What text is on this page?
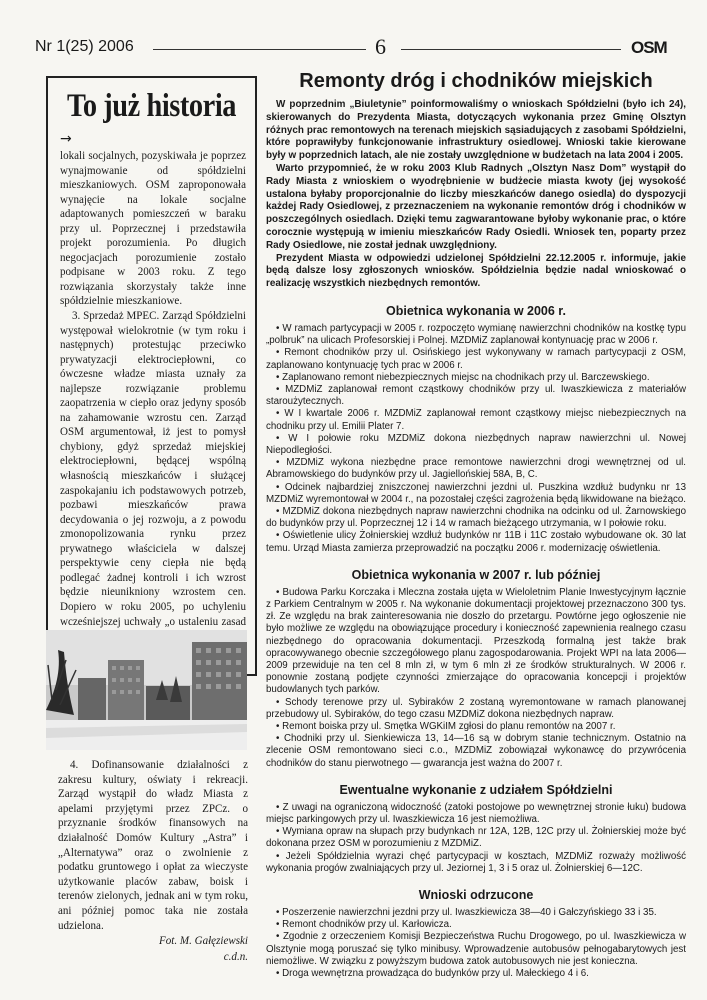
Nr 1(25) 2006	6	OSM
To już historia
→

lokali socjalnych, pozyskiwała je poprzez wynajmowanie od spółdzielni mieszkaniowych. OSM zaproponowała wynajęcie na lokale socjalne adaptowanych pomieszczeń w baraku przy ul. Poprzecznej i przedstawiła projekt porozumienia. Po długich negocjacjach porozumienie zostało podpisane w 2003 roku. Z tego rozwiązania skorzystały także inne spółdzielnie mieszkaniowe.

3. Sprzedaż MPEC. Zarząd Spółdzielni występował wielokrotnie (w tym roku i następnych) protestując przeciwko prywatyzacji elektrociepłowni, co ówczesne władze miasta uznały za najlepsze rozwiązanie problemu zaopatrzenia w ciepło oraz jedyny sposób na zahamowanie wzrostu cen. Zarząd OSM argumentował, iż jest to pomysł chybiony, gdyż sprzedaż miejskiej elektrociepłowni, będącej wspólną własnością mieszkańców i służącej zaspokajaniu ich podstawowych potrzeb, pozbawi mieszkańców prawa decydowania o jej rozwoju, a z powodu zmonopolizowania rynku przez prywatnego właściciela w dalszej perspektywie ceny ciepła nie będą podlegać żadnej kontroli i ich wzrost będzie nieunikniony wzrostem cen. Dopiero w roku 2005, po uchyleniu wcześniejszej uchwały „o ustaleniu zasad

4. Dofinansowanie działalności z zakresu kultury, oświaty i rekreacji. Zarząd wystąpił do władz Miasta z apelami przyjętymi przez ZPCz. o przyznanie środków finansowych na działalność Domów Kultury „Astra” i „Alternatywa” oraz o zwolnienie z podatku gruntowego i opłat za wieczyste użytkowanie placów zabaw, boisk i terenów zielonych, jednak ani w tym roku, ani później pomoc taka nie została udzielona.

Fot. M. Gałęziewski
c.d.n.
Remonty dróg i chodników miejskich

W poprzednim „Biuletynie” poinformowaliśmy o wnioskach Spółdzielni (było ich 24), skierowanych do Prezydenta Miasta, dotyczących wykonania przez Gminę Olsztyn różnych prac remontowych na terenach miejskich sąsiadujących z zasobami Spółdzielni, które poprawiłyby funkcjonowanie infrastruktury osiedlowej. Wnioski takie kierowane były w poprzednich latach, ale nie zostały uwzględnione w budżetach na lata 2004 i 2005.

Warto przypomnieć, że w roku 2003 Klub Radnych „Olsztyn Nasz Dom” wystąpił do Rady Miasta z wnioskiem o wyodrębnienie w budżecie miasta kwoty (jej wysokość ustalona byłaby proporcjonalnie do liczby mieszkańców danego osiedla) do dyspozycji każdej Rady Osiedlowej, z przeznaczeniem na wykonanie remontów dróg i chodników w poszczególnych osiedlach. Dzięki temu zagwarantowane byłoby wykonanie prac, o które corocznie występują w imieniu mieszkańców Rady Osiedli. Wniosek ten, poparty przez Rady Osiedlowe, nie został jednak uwzględniony.

Prezydent Miasta w odpowiedzi udzielonej Spółdzielni 22.12.2005 r. informuje, jakie będą dalsze losy zgłoszonych wniosków. Spółdzielnia będzie nadal wnioskować o realizację wszystkich niezbędnych remontów.

Obietnica wykonania w 2006 r.

• W ramach partycypacji w 2005 r. rozpoczęto wymianę nawierzchni chodników na kostkę typu „polbruk” na ulicach Profesorskiej i Polnej. MZDMiZ zaplanował kontynuację prac w 2006 r.

• Remont chodników przy ul. Osińskiego jest wykonywany w ramach partycypacji z OSM, zaplanowano kontynuację tych prac w 2006 r.

• Zaplanowano remont niebezpiecznych miejsc na chodnikach przy ul. Barczewskiego.

• MZDMiZ zaplanował remont cząstkowy chodników przy ul. Iwaszkiewicza z materiałów staroużytecznych.

• W I kwartale 2006 r. MZDMiZ zaplanował remont cząstkowy miejsc niebezpiecznych na chodniku przy ul. Emilii Plater 7.

• W I połowie roku MZDMiZ dokona niezbędnych napraw nawierzchni ul. Nowej Niepodległości.

• MZDMiZ wykona niezbędne prace remontowe nawierzchni drogi wewnętrznej od ul. Abramowskiego do budynków przy ul. Jagiellońskiej 58A, B, C.

• Odcinek najbardziej zniszczonej nawierzchni jezdni ul. Puszkina wzdłuż budynku nr 13 MZDMiZ wyremontował w 2004 r., na pozostałej części zagrożenia będą likwidowane na bieżąco.

• MZDMiZ dokona niezbędnych napraw nawierzchni chodnika na odcinku od ul. Żarnowskiego do budynków przy ul. Poprzecznej 12 i 14 w ramach bieżącego utrzymania, w I połowie roku.

• Oświetlenie ulicy Żołnierskiej wzdłuż budynków nr 11B i 11C zostało wybudowane ok. 30 lat temu. Urząd Miasta zamierza przeprowadzić na początku 2006 r. modernizację oświetlenia.

Obietnica wykonania w 2007 r. lub później

• Budowa Parku Korczaka i Mleczna została ujęta w Wieloletnim Planie Inwestycyjnym łącznie z Parkiem Centralnym w 2005 r. Na wykonanie dokumentacji projektowej przeznaczono 300 tys. zł. Ze względu na brak zainteresowania nie doszło do przetargu. Powtórne jego ogłoszenie nie było możliwe ze względu na obowiązujące procedury i konieczność zapewnienia realnego czasu niezbędnego do opracowania dokumentacji. Przeszkodą formalną jest także brak opracowywanego obecnie szczegółowego planu zagospodarowania. Projekt WPI na lata 2006—2009 przewiduje na ten cel 8 mln zł, w tym 6 mln zł ze środków strukturalnych. W 2006 r. ponownie zostaną podjęte czynności zmierzające do opracowania koncepcji i projektów budowlanych tych parków.

• Schody terenowe przy ul. Sybiraków 2 zostaną wyremontowane w ramach planowanej przebudowy ul. Sybiraków, do tego czasu MZDMiZ dokona niezbędnych napraw.

• Remont boiska przy ul. Smętka WGKiIM zgłosi do planu remontów na 2007 r.

• Chodniki przy ul. Sienkiewicza 13, 14—16 są w dobrym stanie technicznym. Ostatnio na zlecenie OSM remontowano sieci c.o., MZDMiZ zobowiązał wykonawcę do przywrócenia chodników do stanu pierwotnego — gwarancja jest ważna do 2007 r.

Ewentualne wykonanie z udziałem Spółdzielni

• Z uwagi na ograniczoną widoczność (zatoki postojowe po wewnętrznej stronie łuku) budowa miejsc parkingowych przy ul. Iwaszkiewicza 16 jest niemożliwa.

• Wymiana opraw na słupach przy budynkach nr 12A, 12B, 12C przy ul. Żołnierskiej może być dokonana przez OSM w porozumieniu z MZDMiZ.

• Jeżeli Spółdzielnia wyrazi chęć partycypacji w kosztach, MZDMiZ rozważy możliwość wykonania progów zwalniających przy ul. Jeziornej 1, 3 i 5 oraz ul. Żołnierskiej 6—12C.

Wnioski odrzucone

• Poszerzenie nawierzchni jezdni przy ul. Iwaszkiewicza 38—40 i Gałczyńskiego 33 i 35.

• Remont chodników przy ul. Karłowicza.

• Zgodnie z orzeczeniem Komisji Bezpieczeństwa Ruchu Drogowego, po ul. Iwaszkiewicza w Olsztynie mogą poruszać się tylko minibusy. Wprowadzenie autobusów pełnogabarytowych jest niemożliwe. W związku z powyższym budowa zatok autobusowych nie jest konieczna.

• Droga wewnętrzna prowadząca do budynków przy ul. Małeckiego 4 i 6.
